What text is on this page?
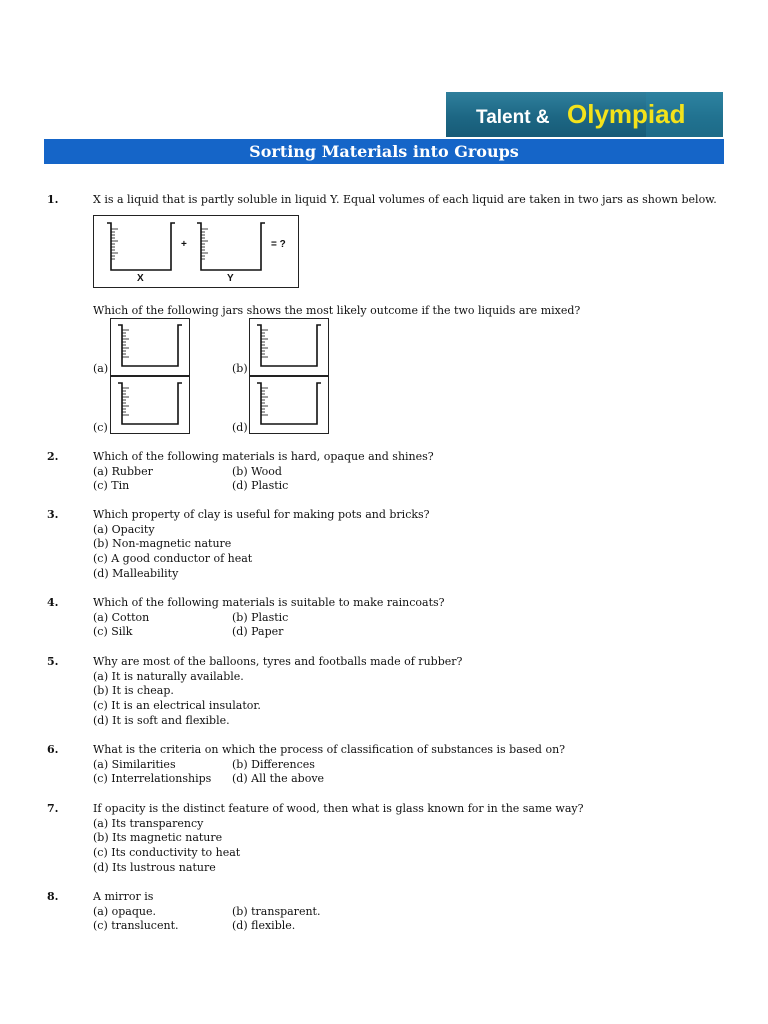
Talent & Olympiad
Sorting Materials into Groups
1.	X is a liquid that is partly soluble in liquid Y. Equal volumes of each liquid are taken in two jars as shown below.
+	= ?
X	Y
Which of the following jars shows the most likely outcome if the two liquids are mixed?
(a)	(b)
(c)	(d)
2.	Which of the following materials is hard, opaque and shines?
(a) Rubber	(b) Wood
(c) Tin	(d) Plastic
3.	Which property of clay is useful for making pots and bricks?
(a) Opacity
(b) Non-magnetic nature
(c) A good conductor of heat
(d) Malleability
4.	Which of the following materials is suitable to make raincoats?
(a) Cotton	(b) Plastic
(c) Silk	(d) Paper
5.	Why are most of the balloons, tyres and footballs made of rubber?
(a) It is naturally available.
(b) It is cheap.
(c) It is an electrical insulator.
(d) It is soft and flexible.
6.	What is the criteria on which the process of classification of substances is based on?
(a) Similarities	(b) Differences
(c) Interrelationships (d) All the above
7.	If opacity is the distinct feature of wood, then what is glass known for in the same way?
(a) Its transparency
(b) Its magnetic nature
(c) Its conductivity to heat
(d) Its lustrous nature
8.	A mirror is
(a) opaque.	(b) transparent.
(c) translucent.	(d) flexible.
